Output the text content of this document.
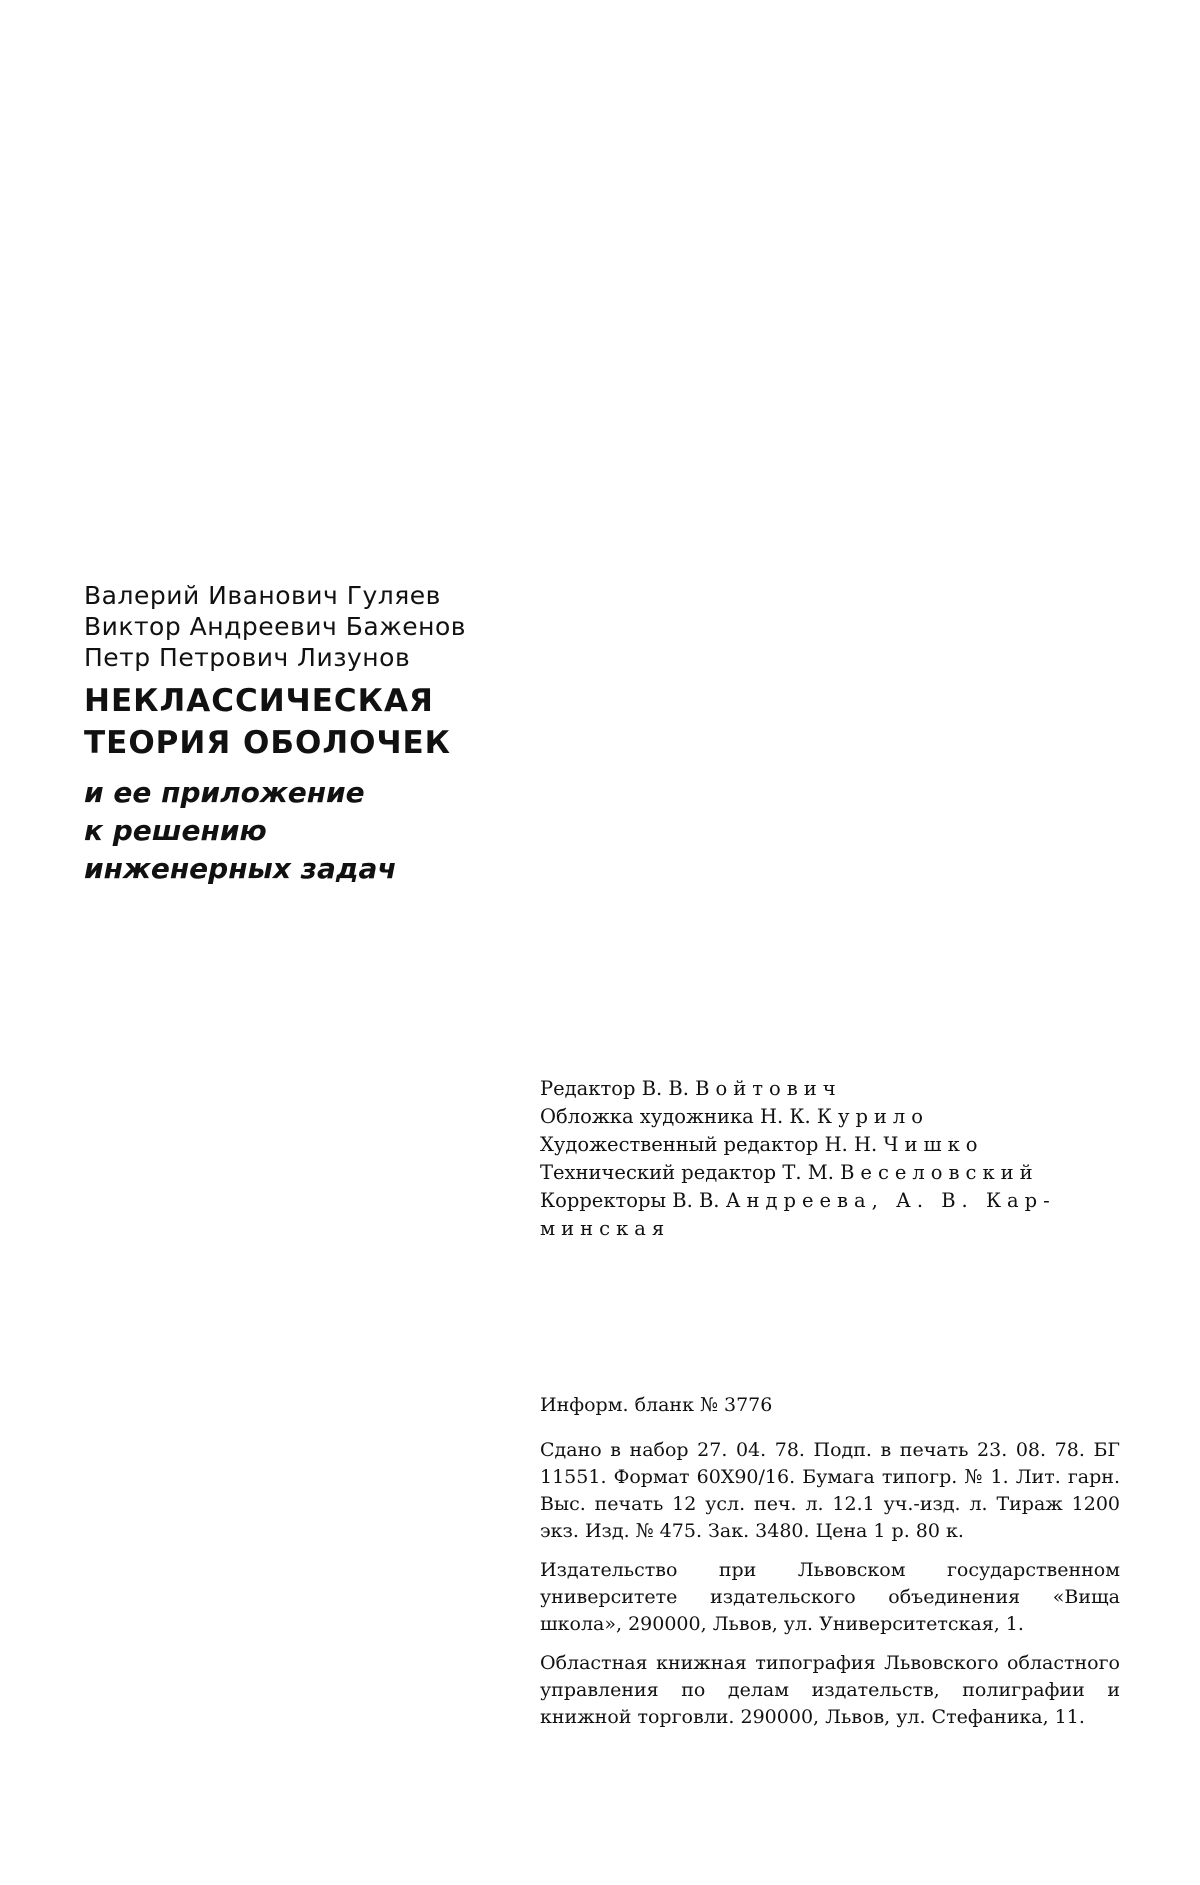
Валерий Иванович Гуляев
Виктор Андреевич Баженов
Петр Петрович Лизунов
НЕКЛАССИЧЕСКАЯ
ТЕОРИЯ ОБОЛОЧЕК
и ее приложение
к решению
инженерных задач
Редактор В. В. Войтович
Обложка художника Н. К. Курило
Художественный редактор Н. Н. Чишко
Технический редактор Т. М. Веселовский
Корректоры В. В. Андреева, А. В. Кар-
минская
Информ. бланк № 3776
Сдано в набор 27. 04. 78. Подп. в печать 23. 08. 78. БГ 11551. Формат 60Х90/16. Бумага типогр. № 1. Лит. гарн. Выс. печать 12 усл. печ. л. 12.1 уч.-изд. л. Тираж 1200 экз. Изд. № 475. Зак. 3480. Цена 1 р. 80 к.
Издательство при Львовском государственном университете издательского объединения «Вища школа», 290000, Львов, ул. Университетская, 1.
Областная книжная типография Львовского областного управления по делам издательств, полиграфии и книжной торговли. 290000, Львов, ул. Стефаника, 11.
